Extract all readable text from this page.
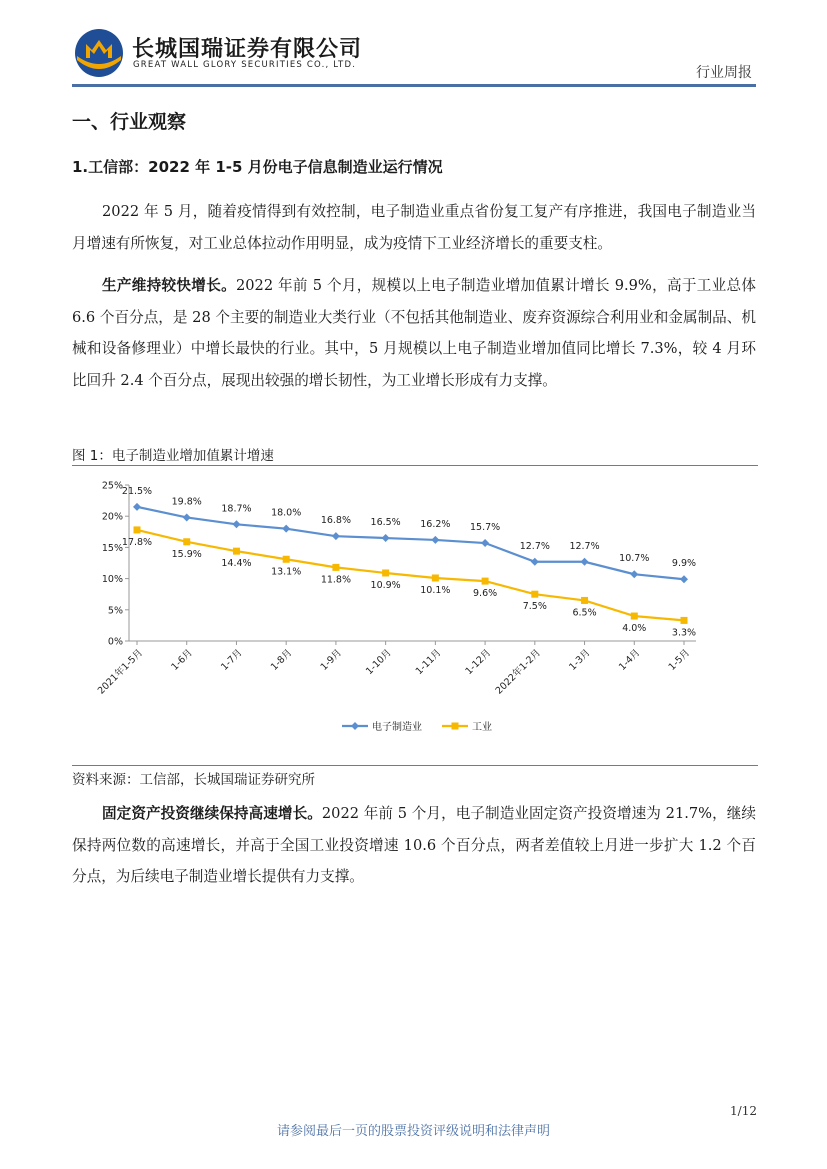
长城国瑞证券有限公司
GREAT WALL GLORY SECURITIES CO., LTD.	行业周报
一、行业观察
1.工信部：2022 年 1-5 月份电子信息制造业运行情况
2022 年 5 月，随着疫情得到有效控制，电子制造业重点省份复工复产有序推进，我国电子制造业当月增速有所恢复，对工业总体拉动作用明显，成为疫情下工业经济增长的重要支柱。
生产维持较快增长。2022 年前 5 个月，规模以上电子制造业增加值累计增长 9.9%，高于工业总体 6.6 个百分点，是 28 个主要的制造业大类行业（不包括其他制造业、废弃资源综合利用业和金属制品、机械和设备修理业）中增长最快的行业。其中，5 月规模以上电子制造业增加值同比增长 7.3%，较 4 月环比回升 2.4 个百分点，展现出较强的增长韧性，为工业增长形成有力支撑。
图 1：电子制造业增加值累计增速
0%
5%
10%
15%
20%
25%
2021年1-5月	1-6月	1-7月	1-8月	1-9月 1-10月 1-11月 1-12月 2022年1-2月	1-3月	1-4月	1-5月
21.5%
19.8%
18.7% 18.0%
16.8% 16.5% 16.2% 15.7%
12.7% 12.7%
10.7% 9.9%
17.8%
15.9%
14.4%
13.1%
11.8%
10.9% 10.1% 9.6%
7.5%
6.5%
4.0%	3.3%
电子制造业	工业
资料来源：工信部，长城国瑞证券研究所
固定资产投资继续保持高速增长。2022 年前 5 个月，电子制造业固定资产投资增速为 21.7%，继续保持两位数的高速增长，并高于全国工业投资增速 10.6 个百分点，两者差值较上月进一步扩大 1.2 个百分点，为后续电子制造业增长提供有力支撑。
1/12
请参阅最后一页的股票投资评级说明和法律声明
